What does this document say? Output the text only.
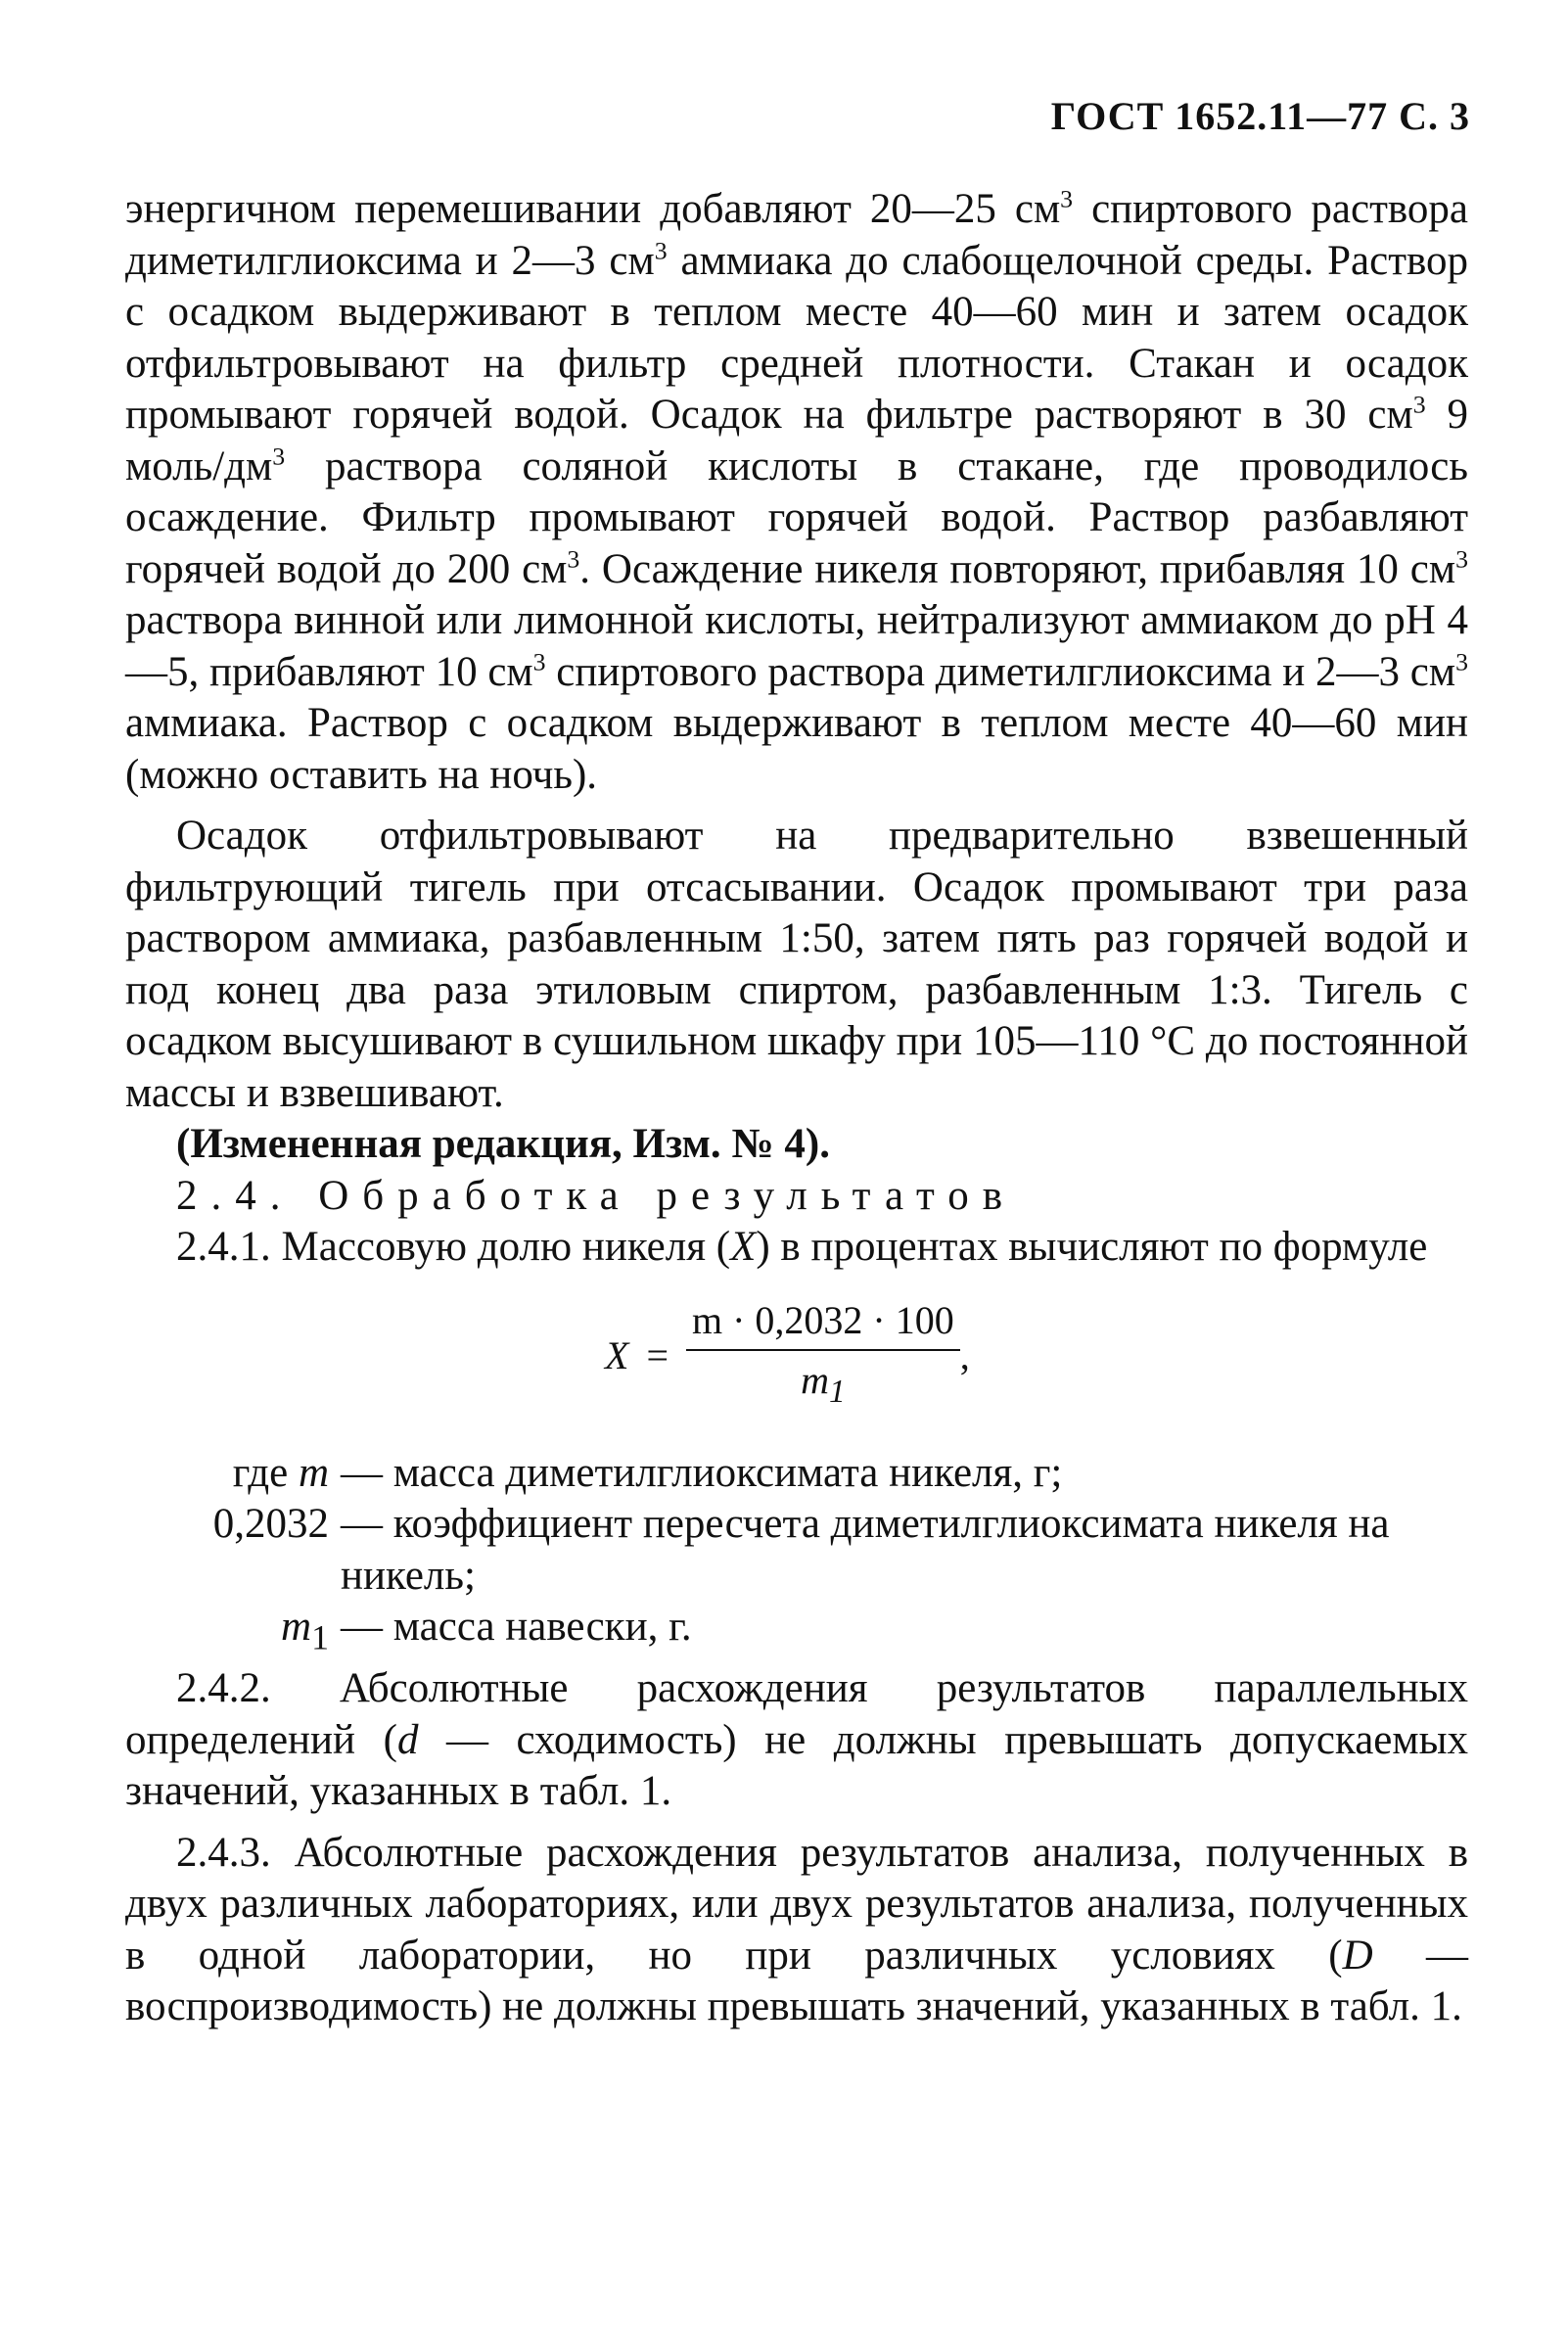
ГОСТ 1652.11—77 С. 3

энергичном перемешивании добавляют 20—25 $см^3$ спиртового раствора диметилглиоксима и 2—3 $см^3$ аммиака до слабощелочной среды. Раствор с осадком выдерживают в теплом месте 40—60 мин и затем осадок отфильтровывают на фильтр средней плотности. Стакан и осадок промывают горячей водой. Осадок на фильтре растворяют в 30 $см^3$ 9 моль/$дм^3$ раствора соляной кислоты в стакане, где проводилось осаждение. Фильтр промывают горячей водой. Раствор разбавляют горячей водой до 200 $см^3$. Осаждение никеля повторяют, прибавляя 10 $см^3$ раствора винной или лимонной кислоты, нейтрализуют аммиаком до pH 4—5, прибавляют 10 $см^3$ спиртового раствора диметилглиоксима и 2—3 $см^3$ аммиака. Раствор с осадком выдерживают в теплом месте 40—60 мин (можно оставить на ночь).

Осадок отфильтровывают на предварительно взвешенный фильтрующий тигель при отсасывании. Осадок промывают три раза раствором аммиака, разбавленным 1:50, затем пять раз горячей водой и под конец два раза этиловым спиртом, разбавленным 1:3. Тигель с осадком высушивают в сушильном шкафу при 105—110 °С до постоянной массы и взвешивают.

(Измененная редакция, Изм. № 4).

2.4. Обработка результатов

2.4.1. Массовую долю никеля (X) в процентах вычисляют по формуле

$X = \frac{m \cdot 0,2032 \cdot 100}{m_1}$ ,
где m — масса диметилглиоксимата никеля, г;
0,2032 — коэффициент пересчета диметилглиоксимата никеля на никель;
$m_1$ — масса навески, г.

2.4.2. Абсолютные расхождения результатов параллельных определений (d — сходимость) не должны превышать допускаемых значений, указанных в табл. 1.

2.4.3. Абсолютные расхождения результатов анализа, полученных в двух различных лабораториях, или двух результатов анализа, полученных в одной лаборатории, но при различных условиях (D — воспроизводимость) не должны превышать значений, указанных в табл. 1.
